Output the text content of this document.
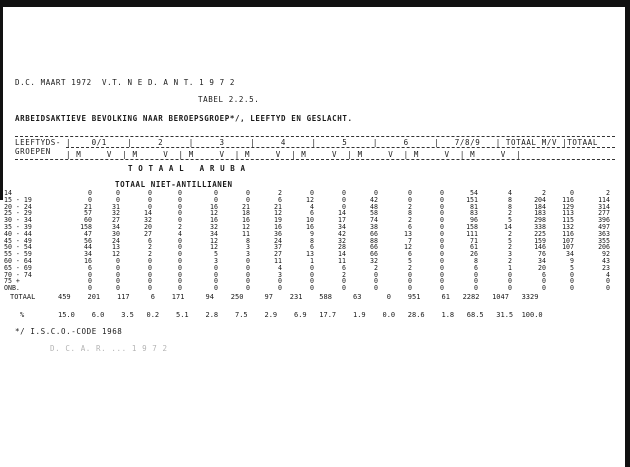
D.C. MAART 1972  V.T. N E D. A N T. 1 9 7 2
TABEL 2.2.5.
ARBEIDSAKTIEVE BEVOLKING NAAR BEROEPSGROEP*/, LEEFTYD EN GESLACHT.
LEEFTYDS-
GROEPEN
|    0/1    |     2     |     3     |     4     |     5     |     6     |   7/8/9   | TOTAAL M/V |TOTAAL
| M     V  | M     V  | M     V  | M     V  | M     V  | M     V  | M     V  | M     V  |
T O T A A L   A R U B A
TOTAAL NIET-ANTILLIANEN
14
15 - 19
20 - 24
25 - 29
30 - 34
35 - 39
40 - 44
45 - 49
50 - 54
55 - 59
60 - 64
65 - 69
70 - 74
75 +
ONB.
0
0
21
57
60
158
47
56
44
34
16
6
0
0
0
0
0
31
32
27
34
30
24
13
12
0
0
0
0
0
0
0
0
14
32
20
27
6
2
2
0
0
0
0
0
0
0
0
0
0
2
4
0
0
0
0
0
0
0
0
0
0
16
12
16
32
34
12
12
5
3
0
0
0
0
0
0
21
18
16
12
11
8
3
3
0
0
0
0
0
2
6
21
12
19
16
36
24
37
27
11
4
3
0
0
0
12
4
6
10
16
9
8
6
13
1
0
0
0
0
0
0
0
14
17
34
42
32
28
14
11
6
2
0
0
0
42
48
58
74
38
66
88
66
66
32
2
0
0
0
0
0
2
8
2
6
13
7
12
6
5
2
0
0
0
0
0
0
0
0
0
0
0
0
0
0
0
0
0
0
54
151
81
83
96
158
111
71
61
26
8
6
0
0
0
4
8
8
2
5
14
2
5
2
3
2
1
0
0
0
2
204
184
183
298
338
225
159
146
76
34
20
6
0
0
0
116
129
113
115
132
116
107
107
34
9
5
0
0
0
2
114
314
277
396
497
363
355
206
92
43
23
4
0
0
TOTAAL	459    201    117     6    171     94    250     97    231    588     63      0    951     61   2282   1047   3329
%	15.0    6.0    3.5   0.2    5.1    2.8    7.5    2.9    6.9   17.7    1.9    0.0   28.6    1.8   68.5   31.5  100.0
*/ I.S.C.O.-CODE 1968
D. C. A. R. ... 1 9 7 2
